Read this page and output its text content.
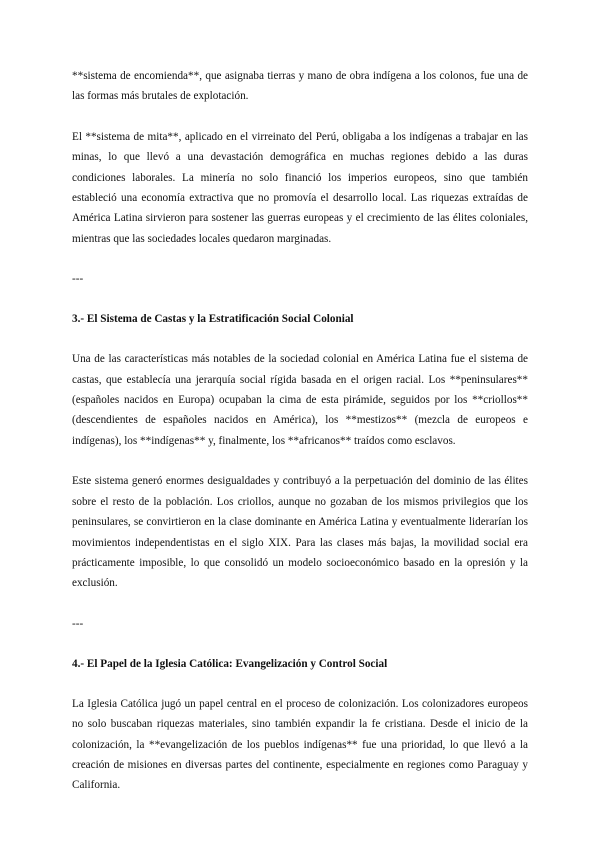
**sistema de encomienda**, que asignaba tierras y mano de obra indígena a los colonos, fue una de las formas más brutales de explotación.

El **sistema de mita**, aplicado en el virreinato del Perú, obligaba a los indígenas a trabajar en las minas, lo que llevó a una devastación demográfica en muchas regiones debido a las duras condiciones laborales. La minería no solo financió los imperios europeos, sino que también estableció una economía extractiva que no promovía el desarrollo local. Las riquezas extraídas de América Latina sirvieron para sostener las guerras europeas y el crecimiento de las élites coloniales, mientras que las sociedades locales quedaron marginadas.

---
3.- El Sistema de Castas y la Estratificación Social Colonial

Una de las características más notables de la sociedad colonial en América Latina fue el sistema de castas, que establecía una jerarquía social rígida basada en el origen racial. Los **peninsulares** (españoles nacidos en Europa) ocupaban la cima de esta pirámide, seguidos por los **criollos** (descendientes de españoles nacidos en América), los **mestizos** (mezcla de europeos e indígenas), los **indígenas** y, finalmente, los **africanos** traídos como esclavos.

Este sistema generó enormes desigualdades y contribuyó a la perpetuación del dominio de las élites sobre el resto de la población. Los criollos, aunque no gozaban de los mismos privilegios que los peninsulares, se convirtieron en la clase dominante en América Latina y eventualmente liderarían los movimientos independentistas en el siglo XIX. Para las clases más bajas, la movilidad social era prácticamente imposible, lo que consolidó un modelo socioeconómico basado en la opresión y la exclusión.

---
4.- El Papel de la Iglesia Católica: Evangelización y Control Social

La Iglesia Católica jugó un papel central en el proceso de colonización. Los colonizadores europeos no solo buscaban riquezas materiales, sino también expandir la fe cristiana. Desde el inicio de la colonización, la **evangelización de los pueblos indígenas** fue una prioridad, lo que llevó a la creación de misiones en diversas partes del continente, especialmente en regiones como Paraguay y California.
